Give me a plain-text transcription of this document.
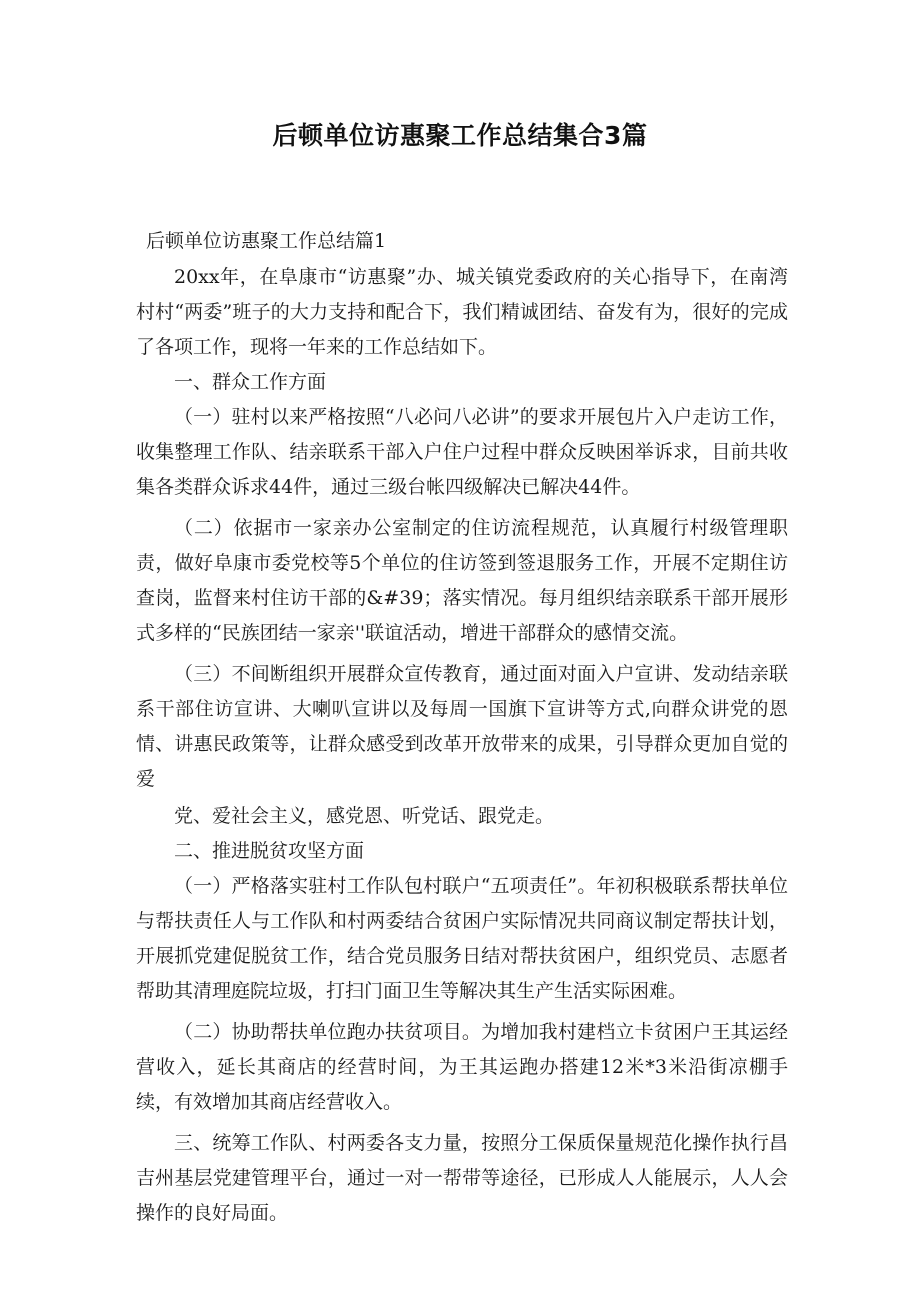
后顿单位访惠聚工作总结集合3篇

后顿单位访惠聚工作总结篇1

20xx年，在阜康市“访惠聚”办、城关镇党委政府的关心指导下，在南湾村村“两委”班子的大力支持和配合下，我们精诚团结、奋发有为，很好的完成了各项工作，现将一年来的工作总结如下。

一、群众工作方面

（一）驻村以来严格按照“八必问八必讲”的要求开展包片入户走访工作，收集整理工作队、结亲联系干部入户住户过程中群众反映困举诉求，目前共收集各类群众诉求44件，通过三级台帐四级解决已解决44件。

（二）依据市一家亲办公室制定的住访流程规范，认真履行村级管理职责，做好阜康市委党校等5个单位的住访签到签退服务工作，开展不定期住访查岗，监督来村住访干部的&#39；落实情况。每月组织结亲联系干部开展形式多样的“民族团结一家亲''联谊活动，增进干部群众的感情交流。

（三）不间断组织开展群众宣传教育，通过面对面入户宣讲、发动结亲联系干部住访宣讲、大喇叭宣讲以及每周一国旗下宣讲等方式,向群众讲党的恩情、讲惠民政策等，让群众感受到改革开放带来的成果，引导群众更加自觉的爱

党、爱社会主义，感党恩、听党话、跟党走。

二、推进脱贫攻坚方面

（一）严格落实驻村工作队包村联户“五项责任”。年初积极联系帮扶单位与帮扶责任人与工作队和村两委结合贫困户实际情况共同商议制定帮扶计划，开展抓党建促脱贫工作，结合党员服务日结对帮扶贫困户，组织党员、志愿者帮助其清理庭院垃圾，打扫门面卫生等解决其生产生活实际困难。

（二）协助帮扶单位跑办扶贫项目。为增加我村建档立卡贫困户王其运经营收入，延长其商店的经营时间，为王其运跑办搭建12米*3米沿街凉棚手续，有效增加其商店经营收入。

三、统筹工作队、村两委各支力量，按照分工保质保量规范化操作执行昌吉州基层党建管理平台，通过一对一帮带等途径，已形成人人能展示，人人会操作的良好局面。
